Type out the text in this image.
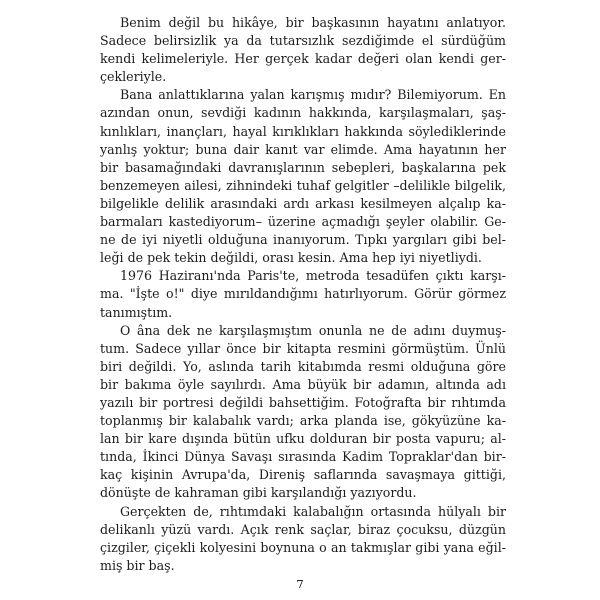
Benim değil bu hikâye, bir başkasının hayatını anlatıyor.
Sadece belirsizlik ya da tutarsızlık sezdiğimde el sürdüğüm
kendi kelimeleriyle. Her gerçek kadar değeri olan kendi ger-
çekleriyle.

Bana anlattıklarına yalan karışmış mıdır? Bilemiyorum. En
azından onun, sevdiği kadının hakkında, karşılaşmaları, şaş-
kınlıkları, inançları, hayal kırıklıkları hakkında söylediklerinde
yanlış yoktur; buna dair kanıt var elimde. Ama hayatının her
bir basamağındaki davranışlarının sebepleri, başkalarına pek
benzemeyen ailesi, zihnindeki tuhaf gelgitler –delilikle bilgelik,
bilgelikle delilik arasındaki ardı arkası kesilmeyen alçalıp ka-
barmaları kastediyorum– üzerine açmadığı şeyler olabilir. Ge-
ne de iyi niyetli olduğuna inanıyorum. Tıpkı yargıları gibi bel-
leği de pek tekin değildi, orası kesin. Ama hep iyi niyetliydi.

1976 Haziranı'nda Paris'te, metroda tesadüfen çıktı karşı-
ma. "İşte o!" diye mırıldandığımı hatırlıyorum. Görür görmez
tanımıştım.

O âna dek ne karşılaşmıştım onunla ne de adını duymuş-
tum. Sadece yıllar önce bir kitapta resmini görmüştüm. Ünlü
biri değildi. Yo, aslında tarih kitabımda resmi olduğuna göre
bir bakıma öyle sayılırdı. Ama büyük bir adamın, altında adı
yazılı bir portresi değildi bahsettiğim. Fotoğrafta bir rıhtımda
toplanmış bir kalabalık vardı; arka planda ise, gökyüzüne ka-
lan bir kare dışında bütün ufku dolduran bir posta vapuru; al-
tında, İkinci Dünya Savaşı sırasında Kadim Topraklar'dan bir-
kaç kişinin Avrupa'da, Direniş saflarında savaşmaya gittiği,
dönüşte de kahraman gibi karşılandığı yazıyordu.

Gerçekten de, rıhtımdaki kalabalığın ortasında hülyalı bir
delikanlı yüzü vardı. Açık renk saçlar, biraz çocuksu, düzgün
çizgiler, çiçekli kolyesini boynuna o an takmışlar gibi yana eğil-
miş bir baş.

7
